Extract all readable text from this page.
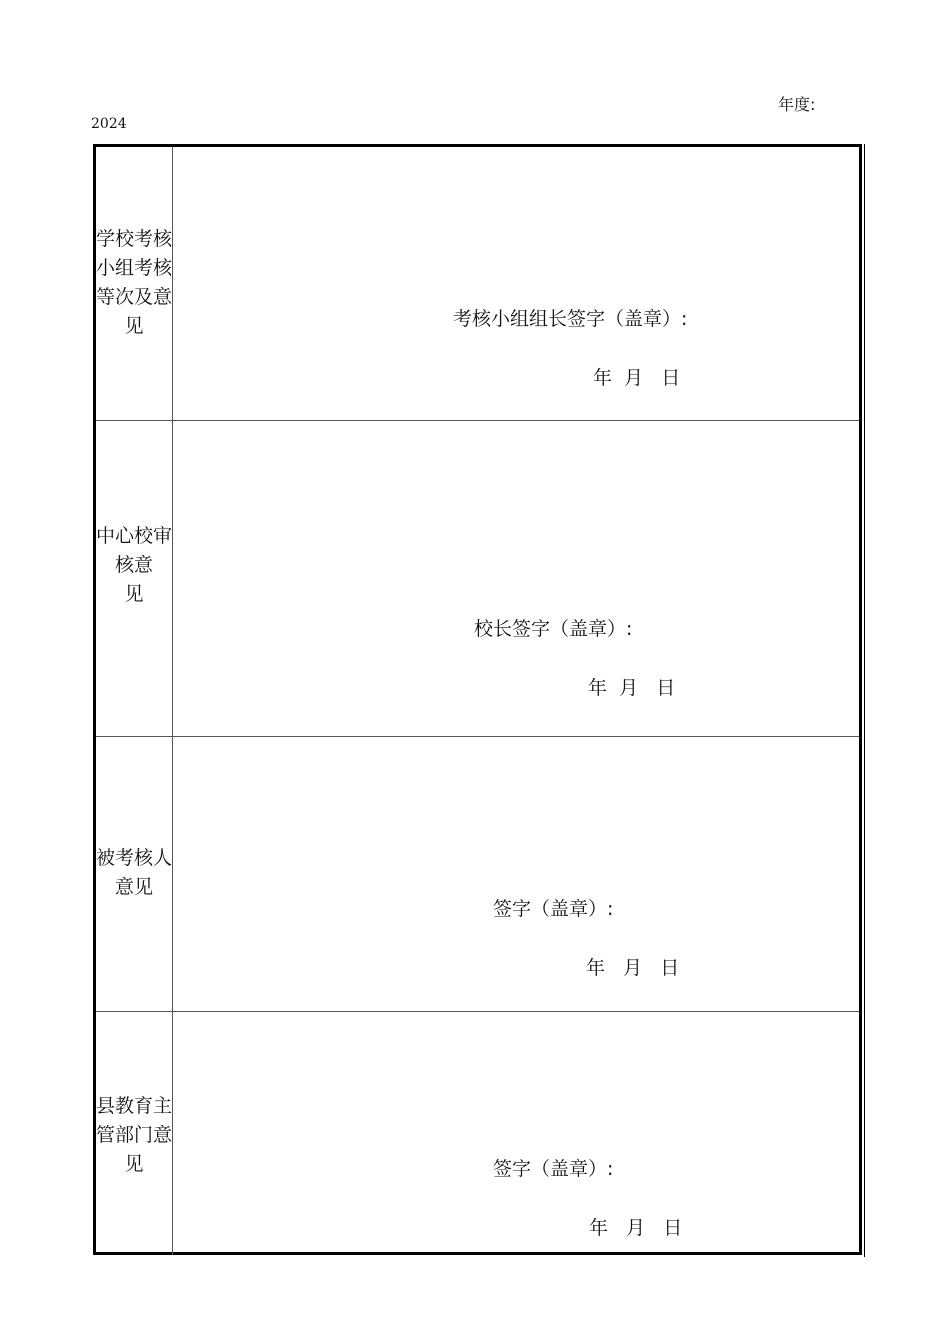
年度:
2024
学校考核
小组考核
等次及意
见	考核小组组长签字（盖章）:
年  月   日
中心校审
核意
见
校长签字（盖章）:
年  月   日
被考核人
意见
签字（盖章）:
年   月   日
县教育主
管部门意
见	签字（盖章）:
年   月   日
